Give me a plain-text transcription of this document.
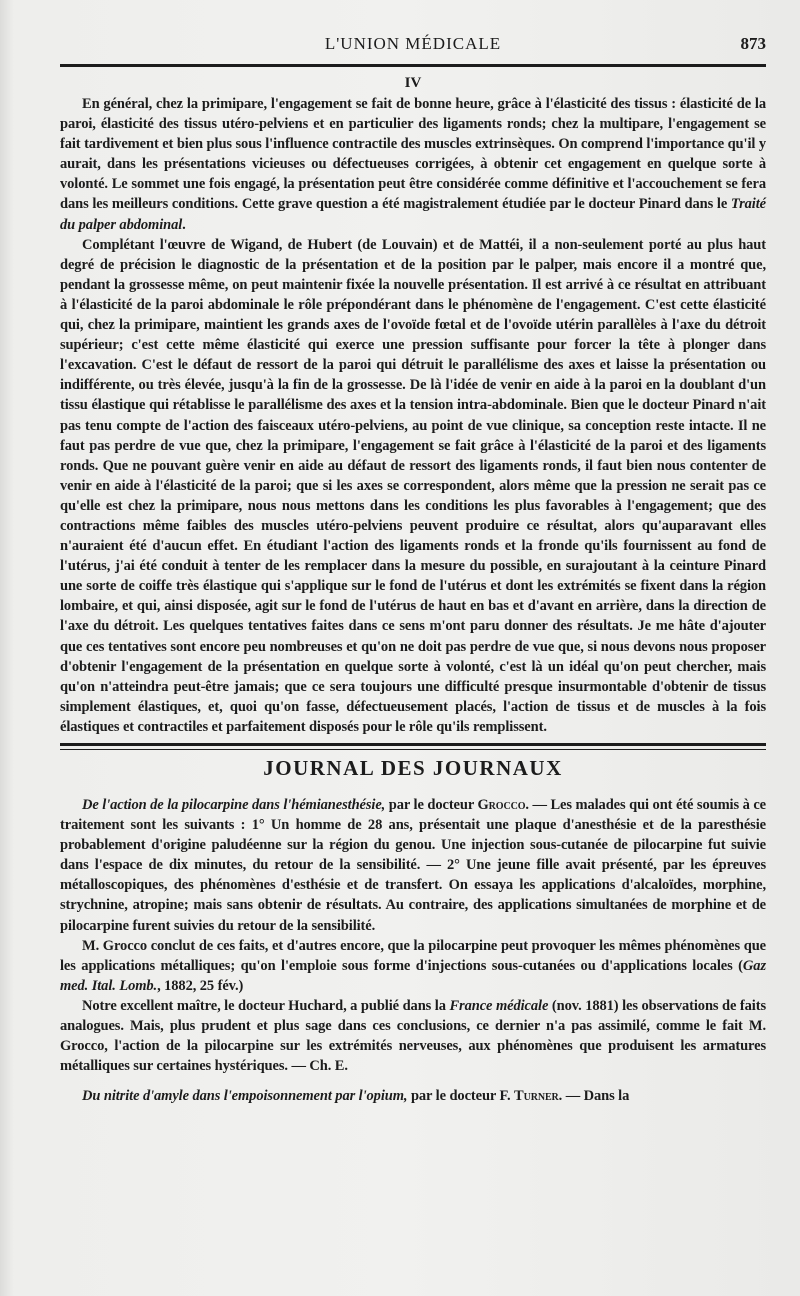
L'UNION MÉDICALE	873
IV

En général, chez la primipare, l'engagement se fait de bonne heure, grâce à l'élasticité des tissus : élasticité de la paroi, élasticité des tissus utéro-pelviens et en particulier des ligaments ronds; chez la multipare, l'engagement se fait tardivement et bien plus sous l'influence contractile des muscles extrinsèques. On comprend l'importance qu'il y aurait, dans les présentations vicieuses ou défectueuses corrigées, à obtenir cet engagement en quelque sorte à volonté. Le sommet une fois engagé, la présentation peut être considérée comme définitive et l'accouchement se fera dans les meilleurs conditions. Cette grave question a été magistralement étudiée par le docteur Pinard dans le Traité du palper abdominal.

Complétant l'œuvre de Wigand, de Hubert (de Louvain) et de Mattéi, il a non-seulement porté au plus haut degré de précision le diagnostic de la présentation et de la position par le palper, mais encore il a montré que, pendant la grossesse même, on peut maintenir fixée la nouvelle présentation. Il est arrivé à ce résultat en attribuant à l'élasticité de la paroi abdominale le rôle prépondérant dans le phénomène de l'engagement. C'est cette élasticité qui, chez la primipare, maintient les grands axes de l'ovoïde fœtal et de l'ovoïde utérin parallèles à l'axe du détroit supérieur; c'est cette même élasticité qui exerce une pression suffisante pour forcer la tête à plonger dans l'excavation. C'est le défaut de ressort de la paroi qui détruit le parallélisme des axes et laisse la présentation ou indifférente, ou très élevée, jusqu'à la fin de la grossesse. De là l'idée de venir en aide à la paroi en la doublant d'un tissu élastique qui rétablisse le parallélisme des axes et la tension intra-abdominale. Bien que le docteur Pinard n'ait pas tenu compte de l'action des faisceaux utéro-pelviens, au point de vue clinique, sa conception reste intacte. Il ne faut pas perdre de vue que, chez la primipare, l'engagement se fait grâce à l'élasticité de la paroi et des ligaments ronds. Que ne pouvant guère venir en aide au défaut de ressort des ligaments ronds, il faut bien nous contenter de venir en aide à l'élasticité de la paroi; que si les axes se correspondent, alors même que la pression ne serait pas ce qu'elle est chez la primipare, nous nous mettons dans les conditions les plus favorables à l'engagement; que des contractions même faibles des muscles utéro-pelviens peuvent produire ce résultat, alors qu'auparavant elles n'auraient été d'aucun effet. En étudiant l'action des ligaments ronds et la fronde qu'ils fournissent au fond de l'utérus, j'ai été conduit à tenter de les remplacer dans la mesure du possible, en surajoutant à la ceinture Pinard une sorte de coiffe très élastique qui s'applique sur le fond de l'utérus et dont les extrémités se fixent dans la région lombaire, et qui, ainsi disposée, agit sur le fond de l'utérus de haut en bas et d'avant en arrière, dans la direction de l'axe du détroit. Les quelques tentatives faites dans ce sens m'ont paru donner des résultats. Je me hâte d'ajouter que ces tentatives sont encore peu nombreuses et qu'on ne doit pas perdre de vue que, si nous devons nous proposer d'obtenir l'engagement de la présentation en quelque sorte à volonté, c'est là un idéal qu'on peut chercher, mais qu'on n'atteindra peut-être jamais; que ce sera toujours une difficulté presque insurmontable d'obtenir de tissus simplement élastiques, et, quoi qu'on fasse, défectueusement placés, l'action de tissus et de muscles à la fois élastiques et contractiles et parfaitement disposés pour le rôle qu'ils remplissent.

JOURNAL DES JOURNAUX

De l'action de la pilocarpine dans l'hémianesthésie, par le docteur Grocco. — Les malades qui ont été soumis à ce traitement sont les suivants : 1° Un homme de 28 ans, présentait une plaque d'anesthésie et de la paresthésie probablement d'origine paludéenne sur la région du genou. Une injection sous-cutanée de pilocarpine fut suivie dans l'espace de dix minutes, du retour de la sensibilité. — 2° Une jeune fille avait présenté, par les épreuves métalloscopiques, des phénomènes d'esthésie et de transfert. On essaya les applications d'alcaloïdes, morphine, strychnine, atropine; mais sans obtenir de résultats. Au contraire, des applications simultanées de morphine et de pilocarpine furent suivies du retour de la sensibilité.

M. Grocco conclut de ces faits, et d'autres encore, que la pilocarpine peut provoquer les mêmes phénomènes que les applications métalliques; qu'on l'emploie sous forme d'injections sous-cutanées ou d'applications locales (Gaz med. Ital. Lomb., 1882, 25 fév.)

Notre excellent maître, le docteur Huchard, a publié dans la France médicale (nov. 1881) les observations de faits analogues. Mais, plus prudent et plus sage dans ces conclusions, ce dernier n'a pas assimilé, comme le fait M. Grocco, l'action de la pilocarpine sur les extrémités nerveuses, aux phénomènes que produisent les armatures métalliques sur certaines hystériques. — Ch. E.

Du nitrite d'amyle dans l'empoisonnement par l'opium, par le docteur F. Turner. — Dans la
